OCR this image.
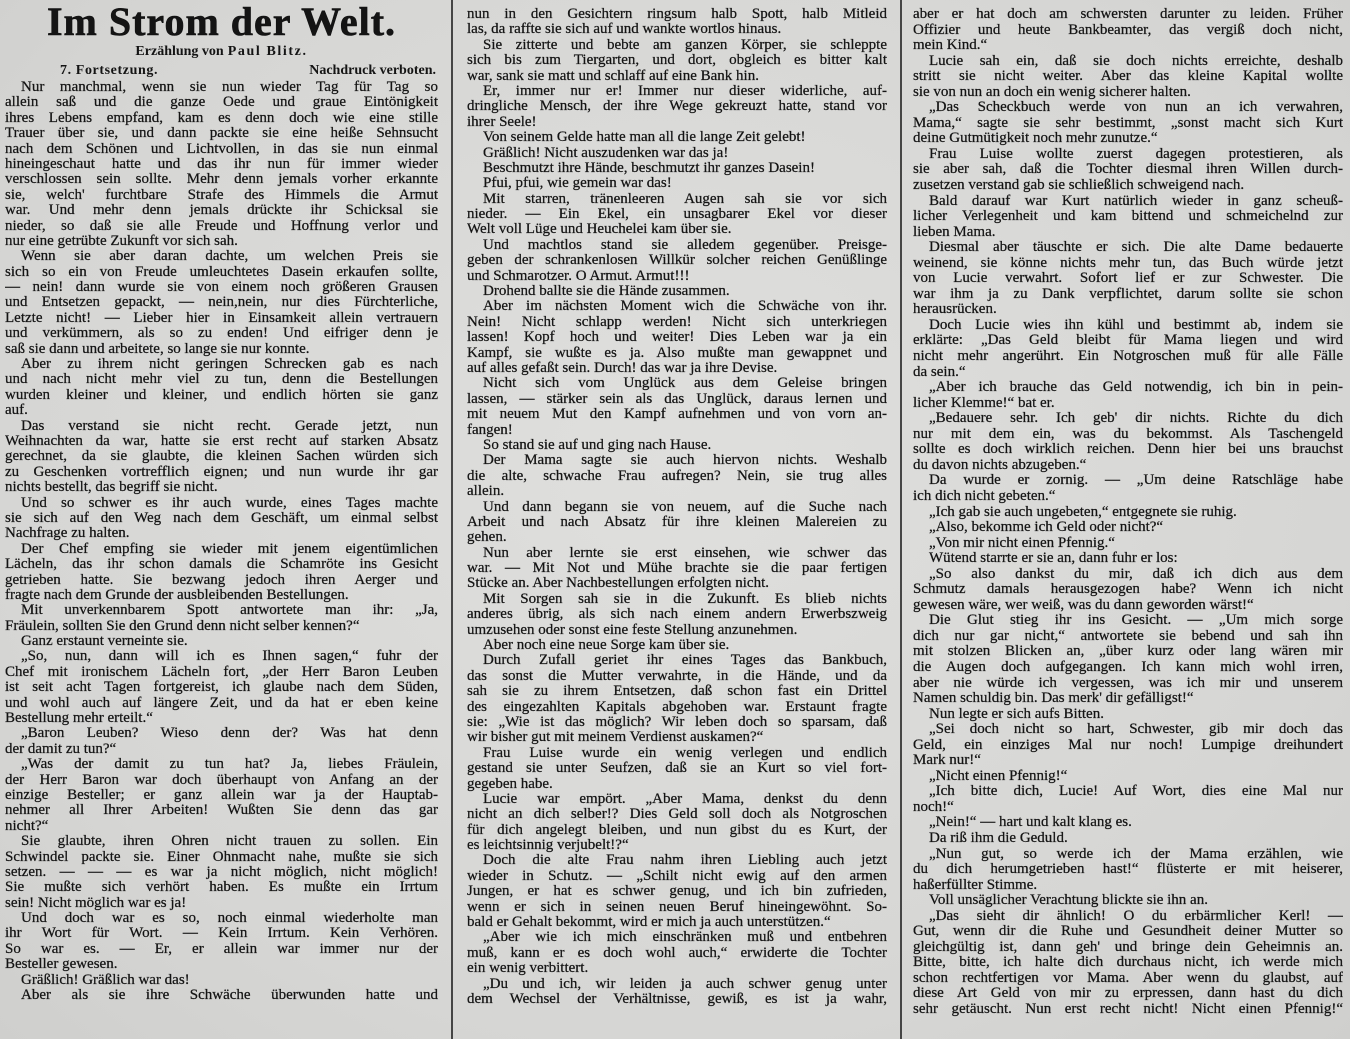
Im Strom der Welt.
Erzählung von Paul Blitz.
7. Fortsetzung.	Nachdruck verboten.
Nur manchmal, wenn sie nun wieder Tag für Tag so
allein saß und die ganze Oede und graue Eintönigkeit
ihres Lebens empfand, kam es denn doch wie eine stille
Trauer über sie, und dann packte sie eine heiße Sehnsucht
nach dem Schönen und Lichtvollen, in das sie nun einmal
hineingeschaut hatte und das ihr nun für immer wieder
verschlossen sein sollte. Mehr denn jemals vorher erkannte
sie, welch' furchtbare Strafe des Himmels die Armut
war. Und mehr denn jemals drückte ihr Schicksal sie
nieder, so daß sie alle Freude und Hoffnung verlor und
nur eine getrübte Zukunft vor sich sah.
Wenn sie aber daran dachte, um welchen Preis sie
sich so ein von Freude umleuchtetes Dasein erkaufen sollte,
— nein! dann wurde sie von einem noch größeren Grausen
und Entsetzen gepackt, — nein,nein, nur dies Fürchterliche,
Letzte nicht! — Lieber hier in Einsamkeit allein vertrauern
und verkümmern, als so zu enden! Und eifriger denn je
saß sie dann und arbeitete, so lange sie nur konnte.
Aber zu ihrem nicht geringen Schrecken gab es nach
und nach nicht mehr viel zu tun, denn die Bestellungen
wurden kleiner und kleiner, und endlich hörten sie ganz
auf.
Das verstand sie nicht recht. Gerade jetzt, nun
Weihnachten da war, hatte sie erst recht auf starken Absatz
gerechnet, da sie glaubte, die kleinen Sachen würden sich
zu Geschenken vortrefflich eignen; und nun wurde ihr gar
nichts bestellt, das begriff sie nicht.
Und so schwer es ihr auch wurde, eines Tages machte
sie sich auf den Weg nach dem Geschäft, um einmal selbst
Nachfrage zu halten.
Der Chef empfing sie wieder mit jenem eigentümlichen
Lächeln, das ihr schon damals die Schamröte ins Gesicht
getrieben hatte. Sie bezwang jedoch ihren Aerger und
fragte nach dem Grunde der ausbleibenden Bestellungen.
Mit unverkennbarem Spott antwortete man ihr: „Ja,
Fräulein, sollten Sie den Grund denn nicht selber kennen?“
Ganz erstaunt verneinte sie.
„So, nun, dann will ich es Ihnen sagen,“ fuhr der
Chef mit ironischem Lächeln fort, „der Herr Baron Leuben
ist seit acht Tagen fortgereist, ich glaube nach dem Süden,
und wohl auch auf längere Zeit, und da hat er eben keine
Bestellung mehr erteilt.“
„Baron Leuben? Wieso denn der? Was hat denn
der damit zu tun?“
„Was der damit zu tun hat? Ja, liebes Fräulein,
der Herr Baron war doch überhaupt von Anfang an der
einzige Besteller; er ganz allein war ja der Hauptab-
nehmer all Ihrer Arbeiten! Wußten Sie denn das gar
nicht?“
Sie glaubte, ihren Ohren nicht trauen zu sollen. Ein
Schwindel packte sie. Einer Ohnmacht nahe, mußte sie sich
setzen. — — — es war ja nicht möglich, nicht möglich!
Sie mußte sich verhört haben. Es mußte ein Irrtum
sein! Nicht möglich war es ja!
Und doch war es so, noch einmal wiederholte man
ihr Wort für Wort. — Kein Irrtum. Kein Verhören.
So war es. — Er, er allein war immer nur der
Besteller gewesen.
Gräßlich! Gräßlich war das!
Aber als sie ihre Schwäche überwunden hatte und
nun in den Gesichtern ringsum halb Spott, halb Mitleid
las, da raffte sie sich auf und wankte wortlos hinaus.
Sie zitterte und bebte am ganzen Körper, sie schleppte
sich bis zum Tiergarten, und dort, obgleich es bitter kalt
war, sank sie matt und schlaff auf eine Bank hin.
Er, immer nur er! Immer nur dieser widerliche, auf-
dringliche Mensch, der ihre Wege gekreuzt hatte, stand vor
ihrer Seele!
Von seinem Gelde hatte man all die lange Zeit gelebt!
Gräßlich! Nicht auszudenken war das ja!
Beschmutzt ihre Hände, beschmutzt ihr ganzes Dasein!
Pfui, pfui, wie gemein war das!
Mit starren, tränenleeren Augen sah sie vor sich
nieder. — Ein Ekel, ein unsagbarer Ekel vor dieser
Welt voll Lüge und Heuchelei kam über sie.
Und machtlos stand sie alledem gegenüber. Preisge-
geben der schrankenlosen Willkür solcher reichen Genüßlinge
und Schmarotzer. O Armut. Armut!!!
Drohend ballte sie die Hände zusammen.
Aber im nächsten Moment wich die Schwäche von ihr.
Nein! Nicht schlapp werden! Nicht sich unterkriegen
lassen! Kopf hoch und weiter! Dies Leben war ja ein
Kampf, sie wußte es ja. Also mußte man gewappnet und
auf alles gefaßt sein. Durch! das war ja ihre Devise.
Nicht sich vom Unglück aus dem Geleise bringen
lassen, — stärker sein als das Unglück, daraus lernen und
mit neuem Mut den Kampf aufnehmen und von vorn an-
fangen!
So stand sie auf und ging nach Hause.
Der Mama sagte sie auch hiervon nichts. Weshalb
die alte, schwache Frau aufregen? Nein, sie trug alles
allein.
Und dann begann sie von neuem, auf die Suche nach
Arbeit und nach Absatz für ihre kleinen Malereien zu
gehen.
Nun aber lernte sie erst einsehen, wie schwer das
war. — Mit Not und Mühe brachte sie die paar fertigen
Stücke an. Aber Nachbestellungen erfolgten nicht.
Mit Sorgen sah sie in die Zukunft. Es blieb nichts
anderes übrig, als sich nach einem andern Erwerbszweig
umzusehen oder sonst eine feste Stellung anzunehmen.
Aber noch eine neue Sorge kam über sie.
Durch Zufall geriet ihr eines Tages das Bankbuch,
das sonst die Mutter verwahrte, in die Hände, und da
sah sie zu ihrem Entsetzen, daß schon fast ein Drittel
des eingezahlten Kapitals abgehoben war. Erstaunt fragte
sie: „Wie ist das möglich? Wir leben doch so sparsam, daß
wir bisher gut mit meinem Verdienst auskamen?“
Frau Luise wurde ein wenig verlegen und endlich
gestand sie unter Seufzen, daß sie an Kurt so viel fort-
gegeben habe.
Lucie war empört. „Aber Mama, denkst du denn
nicht an dich selber!? Dies Geld soll doch als Notgroschen
für dich angelegt bleiben, und nun gibst du es Kurt, der
es leichtsinnig verjubelt!?“
Doch die alte Frau nahm ihren Liebling auch jetzt
wieder in Schutz. — „Schilt nicht ewig auf den armen
Jungen, er hat es schwer genug, und ich bin zufrieden,
wenn er sich in seinen neuen Beruf hineingewöhnt. So-
bald er Gehalt bekommt, wird er mich ja auch unterstützen.“
„Aber wie ich mich einschränken muß und entbehren
muß, kann er es doch wohl auch,“ erwiderte die Tochter
ein wenig verbittert.
„Du und ich, wir leiden ja auch schwer genug unter
dem Wechsel der Verhältnisse, gewiß, es ist ja wahr,
aber er hat doch am schwersten darunter zu leiden. Früher
Offizier und heute Bankbeamter, das vergiß doch nicht,
mein Kind.“
Lucie sah ein, daß sie doch nichts erreichte, deshalb
stritt sie nicht weiter. Aber das kleine Kapital wollte
sie von nun an doch ein wenig sicherer halten.
„Das Scheckbuch werde von nun an ich verwahren,
Mama,“ sagte sie sehr bestimmt, „sonst macht sich Kurt
deine Gutmütigkeit noch mehr zunutze.“
Frau Luise wollte zuerst dagegen protestieren, als
sie aber sah, daß die Tochter diesmal ihren Willen durch-
zusetzen verstand gab sie schließlich schweigend nach.
Bald darauf war Kurt natürlich wieder in ganz scheuß-
licher Verlegenheit und kam bittend und schmeichelnd zur
lieben Mama.
Diesmal aber täuschte er sich. Die alte Dame bedauerte
weinend, sie könne nichts mehr tun, das Buch würde jetzt
von Lucie verwahrt. Sofort lief er zur Schwester. Die
war ihm ja zu Dank verpflichtet, darum sollte sie schon
herausrücken.
Doch Lucie wies ihn kühl und bestimmt ab, indem sie
erklärte: „Das Geld bleibt für Mama liegen und wird
nicht mehr angerührt. Ein Notgroschen muß für alle Fälle
da sein.“
„Aber ich brauche das Geld notwendig, ich bin in pein-
licher Klemme!“ bat er.
„Bedauere sehr. Ich geb' dir nichts. Richte du dich
nur mit dem ein, was du bekommst. Als Taschengeld
sollte es doch wirklich reichen. Denn hier bei uns brauchst
du davon nichts abzugeben.“
Da wurde er zornig. — „Um deine Ratschläge habe
ich dich nicht gebeten.“
„Ich gab sie auch ungebeten,“ entgegnete sie ruhig.
„Also, bekomme ich Geld oder nicht?“
„Von mir nicht einen Pfennig.“
Wütend starrte er sie an, dann fuhr er los:
„So also dankst du mir, daß ich dich aus dem
Schmutz damals herausgezogen habe? Wenn ich nicht
gewesen wäre, wer weiß, was du dann geworden wärst!“
Die Glut stieg ihr ins Gesicht. — „Um mich sorge
dich nur gar nicht,“ antwortete sie bebend und sah ihn
mit stolzen Blicken an, „über kurz oder lang wären mir
die Augen doch aufgegangen. Ich kann mich wohl irren,
aber nie würde ich vergessen, was ich mir und unserem
Namen schuldig bin. Das merk' dir gefälligst!“
Nun legte er sich aufs Bitten.
„Sei doch nicht so hart, Schwester, gib mir doch das
Geld, ein einziges Mal nur noch! Lumpige dreihundert
Mark nur!“
„Nicht einen Pfennig!“
„Ich bitte dich, Lucie! Auf Wort, dies eine Mal nur
noch!“
„Nein!“ — hart und kalt klang es.
Da riß ihm die Geduld.
„Nun gut, so werde ich der Mama erzählen, wie
du dich herumgetrieben hast!“ flüsterte er mit heiserer,
haßerfüllter Stimme.
Voll unsäglicher Verachtung blickte sie ihn an.
„Das sieht dir ähnlich! O du erbärmlicher Kerl! —
Gut, wenn dir die Ruhe und Gesundheit deiner Mutter so
gleichgültig ist, dann geh' und bringe dein Geheimnis an.
Bitte, bitte, ich halte dich durchaus nicht, ich werde mich
schon rechtfertigen vor Mama. Aber wenn du glaubst, auf
diese Art Geld von mir zu erpressen, dann hast du dich
sehr getäuscht. Nun erst recht nicht! Nicht einen Pfennig!“
